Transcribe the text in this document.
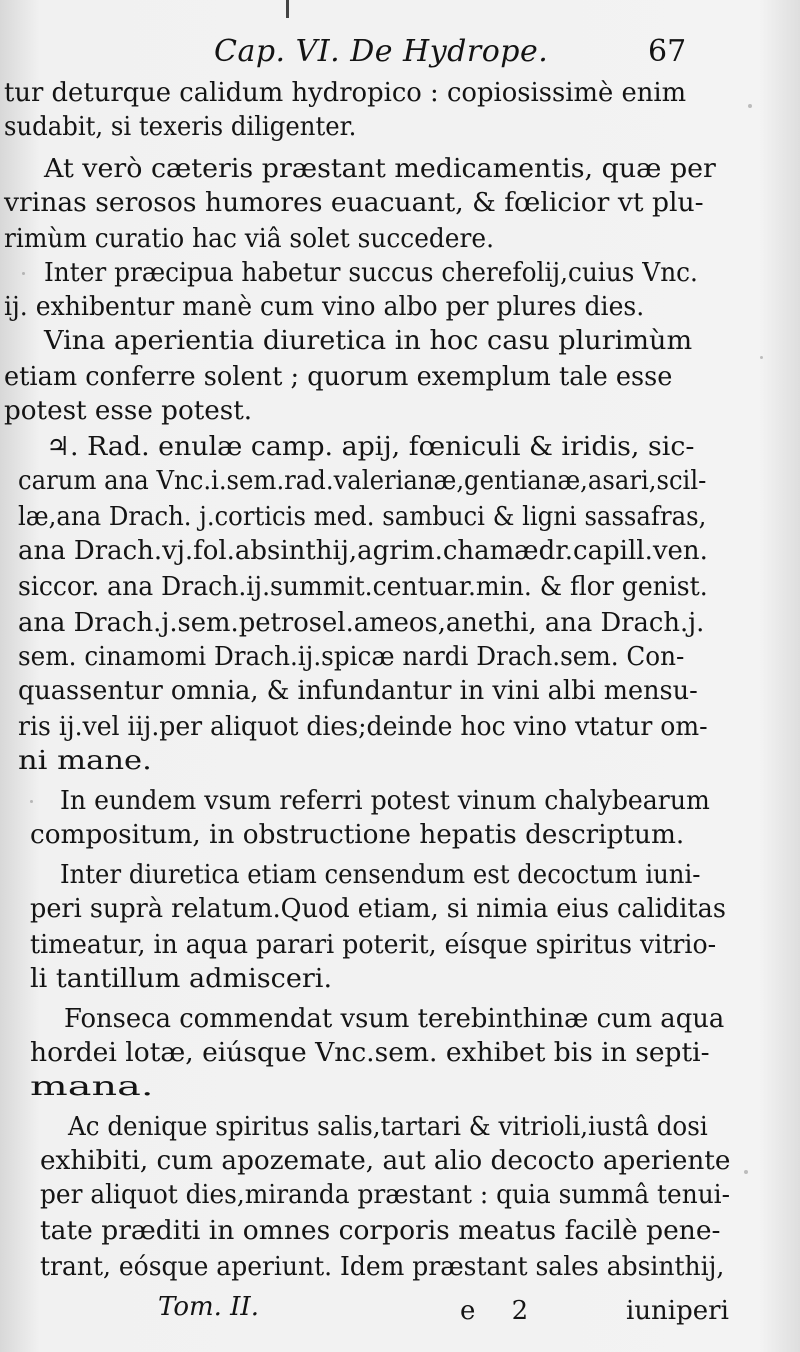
Cap. VI. De Hydrope.	67
tur deturque calidum hydropico : copiosissimè enim
sudabit, si texeris diligenter.
At verò cæteris præstant medicamentis, quæ per
vrinas serosos humores euacuant, & fœlicior vt plu-
rimùm curatio hac viâ solet succedere.
Inter præcipua habetur succus cherefolij,cuius Vnc.
ij. exhibentur manè cum vino albo per plures dies.
Vina aperientia diuretica in hoc casu plurimùm
etiam conferre solent ; quorum exemplum tale esse
potest esse potest.
♃. Rad. enulæ camp. apij, fœniculi & iridis, sic-
carum ana Vnc.i.sem.rad.valerianæ,gentianæ,asari,scil-
læ,ana Drach. j.corticis med. sambuci & ligni sassafras,
ana Drach.vj.fol.absinthij,agrim.chamædr.capill.ven.
siccor. ana Drach.ij.summit.centuar.min. & flor genist.
ana Drach.j.sem.petrosel.ameos,anethi, ana Drach.j.
sem. cinamomi Drach.ij.spicæ nardi Drach.sem. Con-
quassentur omnia, & infundantur in vini albi mensu-
ris ij.vel iij.per aliquot dies;deinde hoc vino vtatur om-
ni mane.
In eundem vsum referri potest vinum chalybearum
compositum, in obstructione hepatis descriptum.
Inter diuretica etiam censendum est decoctum iuni-
peri suprà relatum.Quod etiam, si nimia eius caliditas
timeatur, in aqua parari poterit, eísque spiritus vitrio-
li tantillum admisceri.
Fonseca commendat vsum terebinthinæ cum aqua
hordei lotæ, eiúsque Vnc.sem. exhibet bis in septi-
mana.
Ac denique spiritus salis,tartari & vitrioli,iustâ dosi
exhibiti, cum apozemate, aut alio decocto aperiente
per aliquot dies,miranda præstant : quia summâ tenui-
tate præditi in omnes corporis meatus facilè pene-
trant, eósque aperiunt. Idem præstant sales absinthij,
Tom. II.	e 2	iuniperi
